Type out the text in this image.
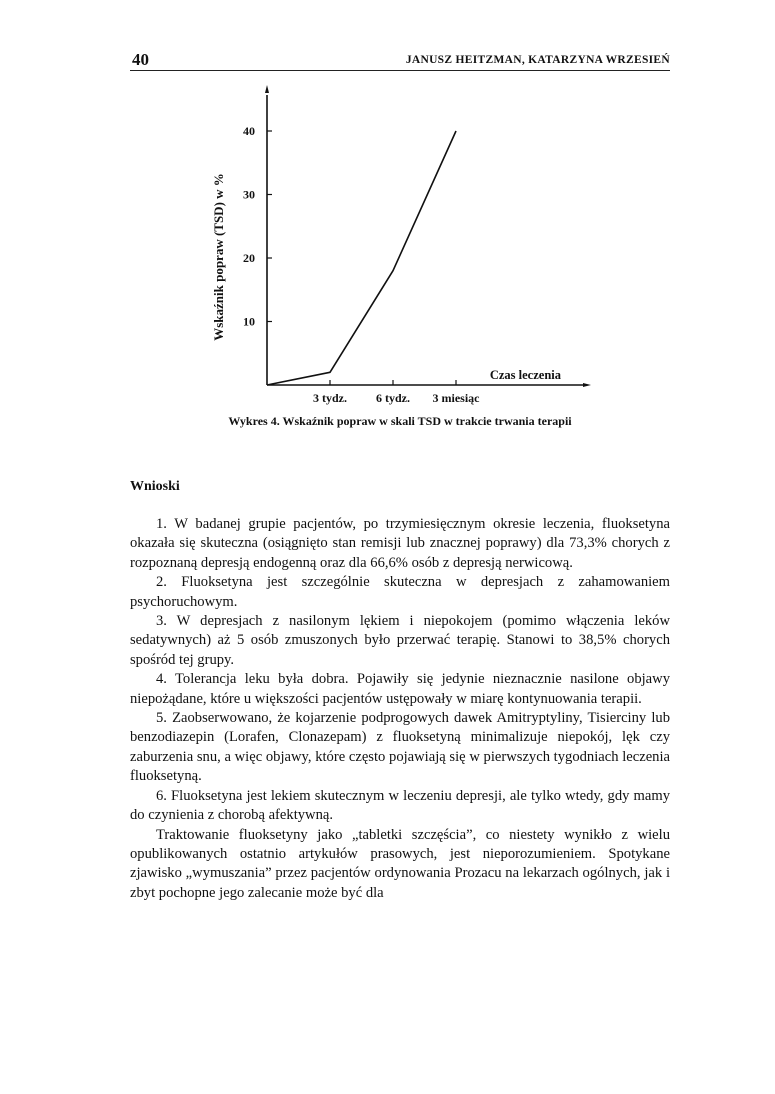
40	JANUSZ HEITZMAN, KATARZYNA WRZESIEŃ
Wskaźnik popraw (TSD) w % 10
20
30
40
3 tydz. 6 tydz. 3 miesiąc
Czas leczenia
Wykres 4. Wskaźnik popraw w skali TSD w trakcie trwania terapii
Wnioski

1. W badanej grupie pacjentów, po trzymiesięcznym okresie leczenia, fluoksetyna okazała się skuteczna (osiągnięto stan remisji lub znacznej poprawy) dla 73,3% chorych z rozpoznaną depresją endogenną oraz dla 66,6% osób z depresją nerwicową.

2. Fluoksetyna jest szczególnie skuteczna w depresjach z zahamowaniem psychoruchowym.

3. W depresjach z nasilonym lękiem i niepokojem (pomimo włączenia leków sedatywnych) aż 5 osób zmuszonych było przerwać terapię. Stanowi to 38,5% chorych spośród tej grupy.

4. Tolerancja leku była dobra. Pojawiły się jedynie nieznacznie nasilone objawy niepożądane, które u większości pacjentów ustępowały w miarę kontynuowania terapii.

5. Zaobserwowano, że kojarzenie podprogowych dawek Amitryptyliny, Tisierciny lub benzodiazepin (Lorafen, Clonazepam) z fluoksetyną minimalizuje niepokój, lęk czy zaburzenia snu, a więc objawy, które często pojawiają się w pierwszych tygodniach leczenia fluoksetyną.

6. Fluoksetyna jest lekiem skutecznym w leczeniu depresji, ale tylko wtedy, gdy mamy do czynienia z chorobą afektywną.

Traktowanie fluoksetyny jako „tabletki szczęścia”, co niestety wynikło z wielu opublikowanych ostatnio artykułów prasowych, jest nieporozumieniem. Spotykane zjawisko „wymuszania” przez pacjentów ordynowania Prozacu na lekarzach ogólnych, jak i zbyt pochopne jego zalecanie może być dla
